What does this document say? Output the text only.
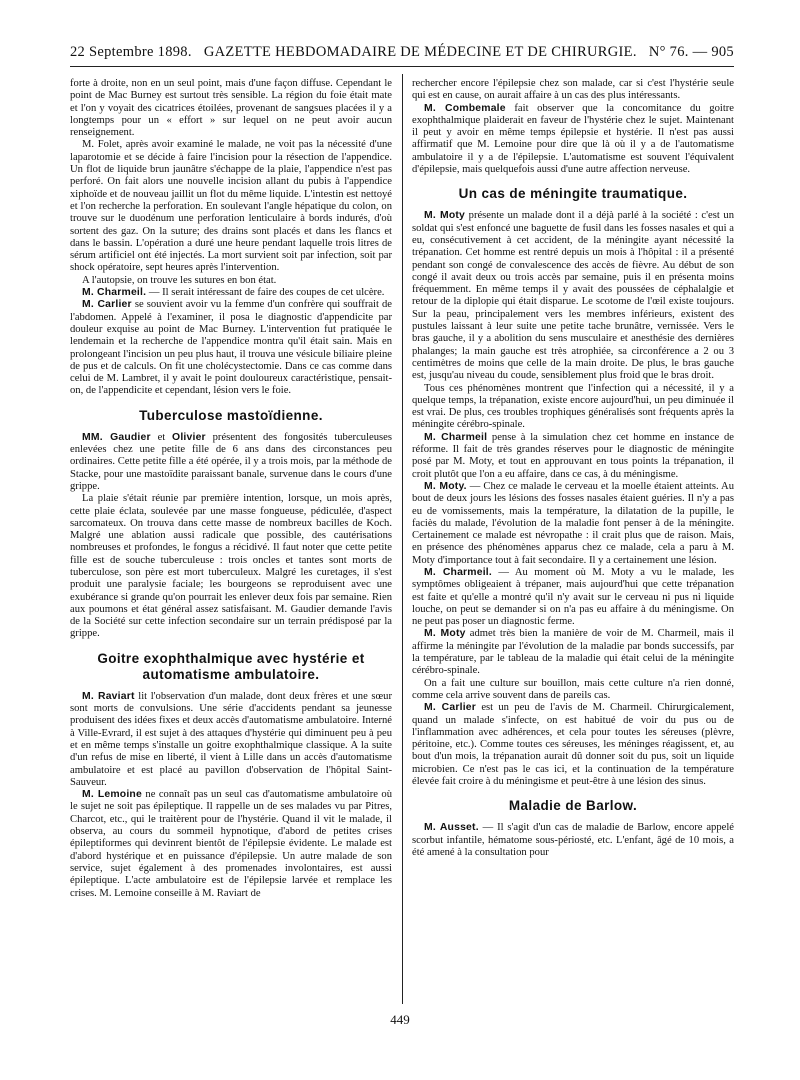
22 Septembre 1898. GAZETTE HEBDOMADAIRE DE MÉDECINE ET DE CHIRURGIE. N° 76. — 905

forte à droite, non en un seul point, mais d'une façon diffuse. Cependant le point de Mac Burney est surtout très sensible. La région du foie était mate et l'on y voyait des cicatrices étoilées, provenant de sangsues placées il y a longtemps pour un « effort » sur lequel on ne peut avoir aucun renseignement.

M. Folet, après avoir examiné le malade, ne voit pas la nécessité d'une laparotomie et se décide à faire l'incision pour la résection de l'appendice. Un flot de liquide brun jaunâtre s'échappe de la plaie, l'appendice n'est pas perforé. On fait alors une nouvelle incision allant du pubis à l'appendice xiphoïde et de nouveau jaillit un flot du même liquide. L'intestin est nettoyé et l'on recherche la perforation. En soulevant l'angle hépatique du colon, on trouve sur le duodénum une perforation lenticulaire à bords indurés, d'où sortent des gaz. On la suture; des drains sont placés et dans les flancs et dans le bassin. L'opération a duré une heure pendant laquelle trois litres de sérum artificiel ont été injectés. La mort survient soit par infection, soit par shock opératoire, sept heures après l'intervention.

A l'autopsie, on trouve les sutures en bon état.

M. Charmeil. — Il serait intéressant de faire des coupes de cet ulcère.

M. Carlier se souvient avoir vu la femme d'un confrère qui souffrait de l'abdomen. Appelé à l'examiner, il posa le diagnostic d'appendicite par douleur exquise au point de Mac Burney. L'intervention fut pratiquée le lendemain et la recherche de l'appendice montra qu'il était sain. Mais en prolongeant l'incision un peu plus haut, il trouva une vésicule biliaire pleine de pus et de calculs. On fit une cholécystectomie. Dans ce cas comme dans celui de M. Lambret, il y avait le point douloureux caractéristique, pensait-on, de l'appendicite et cependant, lésion vers le foie.

Tuberculose mastoïdienne.

MM. Gaudier et Olivier présentent des fongosités tuberculeuses enlevées chez une petite fille de 6 ans dans des circonstances peu ordinaires. Cette petite fille a été opérée, il y a trois mois, par la méthode de Stacke, pour une mastoïdite paraissant banale, survenue dans le cours d'une grippe.

La plaie s'était réunie par première intention, lorsque, un mois après, cette plaie éclata, soulevée par une masse fongueuse, pédiculée, d'aspect sarcomateux. On trouva dans cette masse de nombreux bacilles de Koch. Malgré une ablation aussi radicale que possible, des cautérisations nombreuses et profondes, le fongus a récidivé. Il faut noter que cette petite fille est de souche tuberculeuse : trois oncles et tantes sont morts de tuberculose, son père est mort tuberculeux. Malgré les curetages, il s'est produit une paralysie faciale; les bourgeons se reproduisent avec une exubérance si grande qu'on pourrait les enlever deux fois par semaine. Rien aux poumons et état général assez satisfaisant. M. Gaudier demande l'avis de la Société sur cette infection secondaire sur un terrain prédisposé par la grippe.

Goitre exophthalmique avec hystérie et automatisme ambulatoire.

M. Raviart lit l'observation d'un malade, dont deux frères et une sœur sont morts de convulsions. Une série d'accidents pendant sa jeunesse produisent des idées fixes et deux accès d'automatisme ambulatoire. Interné à Ville-Evrard, il est sujet à des attaques d'hystérie qui diminuent peu à peu et en même temps s'installe un goitre exophthalmique classique. A la suite d'un refus de mise en liberté, il vient à Lille dans un accès d'automatisme ambulatoire et est placé au pavillon d'observation de l'hôpital Saint-Sauveur.

M. Lemoine ne connaît pas un seul cas d'automatisme ambulatoire où le sujet ne soit pas épileptique. Il rappelle un de ses malades vu par Pitres, Charcot, etc., qui le traitèrent pour de l'hystérie. Quand il vit le malade, il observa, au cours du sommeil hypnotique, d'abord de petites crises épileptiformes qui devinrent bientôt de l'épilepsie évidente. Le malade est d'abord hystérique et en puissance d'épilepsie. Un autre malade de son service, sujet également à des promenades involontaires, est aussi épileptique. L'acte ambulatoire est de l'épilepsie larvée et remplace les crises. M. Lemoine conseille à M. Raviart de

rechercher encore l'épilepsie chez son malade, car si c'est l'hystérie seule qui est en cause, on aurait affaire à un cas des plus intéressants.

M. Combemale fait observer que la concomitance du goitre exophthalmique plaiderait en faveur de l'hystérie chez le sujet. Maintenant il peut y avoir en même temps épilepsie et hystérie. Il n'est pas aussi affirmatif que M. Lemoine pour dire que là où il y a de l'automatisme ambulatoire il y a de l'épilepsie. L'automatisme est souvent l'équivalent d'épilepsie, mais quelquefois aussi d'une autre affection nerveuse.

Un cas de méningite traumatique.

M. Moty présente un malade dont il a déjà parlé à la société : c'est un soldat qui s'est enfoncé une baguette de fusil dans les fosses nasales et qui a eu, consécutivement à cet accident, de la méningite ayant nécessité la trépanation. Cet homme est rentré depuis un mois à l'hôpital : il a présenté pendant son congé de convalescence des accès de fièvre. Au début de son congé il avait deux ou trois accès par semaine, puis il en présenta moins fréquemment. En même temps il y avait des poussées de céphalalgie et retour de la diplopie qui était disparue. Le scotome de l'œil existe toujours. Sur la peau, principalement vers les membres inférieurs, existent des pustules laissant à leur suite une petite tache brunâtre, vernissée. Vers le bras gauche, il y a abolition du sens musculaire et anesthésie des dernières phalanges; la main gauche est très atrophiée, sa circonférence a 2 ou 3 centimètres de moins que celle de la main droite. De plus, le bras gauche est, jusqu'au niveau du coude, sensiblement plus froid que le bras droit.

Tous ces phénomènes montrent que l'infection qui a nécessité, il y a quelque temps, la trépanation, existe encore aujourd'hui, un peu diminuée il est vrai. De plus, ces troubles trophiques généralisés sont fréquents après la méningite cérébro-spinale.

M. Charmeil pense à la simulation chez cet homme en instance de réforme. Il fait de très grandes réserves pour le diagnostic de méningite posé par M. Moty, et tout en approuvant en tous points la trépanation, il croit plutôt que l'on a eu affaire, dans ce cas, à du méningisme.

M. Moty. — Chez ce malade le cerveau et la moelle étaient atteints. Au bout de deux jours les lésions des fosses nasales étaient guéries. Il n'y a pas eu de vomissements, mais la température, la dilatation de la pupille, le faciès du malade, l'évolution de la maladie font penser à de la méningite. Certainement ce malade est névropathe : il crait plus que de raison. Mais, en présence des phénomènes apparus chez ce malade, cela a paru à M. Moty d'importance tout à fait secondaire. Il y a certainement une lésion.

M. Charmeil. — Au moment où M. Moty a vu le malade, les symptômes obligeaient à trépaner, mais aujourd'hui que cette trépanation est faite et qu'elle a montré qu'il n'y avait sur le cerveau ni pus ni liquide louche, on peut se demander si on n'a pas eu affaire à du méningisme. On ne peut pas poser un diagnostic ferme.

M. Moty admet très bien la manière de voir de M. Charmeil, mais il affirme la méningite par l'évolution de la maladie par bonds successifs, par la température, par le tableau de la maladie qui était celui de la méningite cérébro-spinale.

On a fait une culture sur bouillon, mais cette culture n'a rien donné, comme cela arrive souvent dans de pareils cas.

M. Carlier est un peu de l'avis de M. Charmeil. Chirurgicalement, quand un malade s'infecte, on est habitué de voir du pus ou de l'inflammation avec adhérences, et cela pour toutes les séreuses (plèvre, péritoine, etc.). Comme toutes ces séreuses, les méninges réagissent, et, au bout d'un mois, la trépanation aurait dû donner soit du pus, soit un liquide microbien. Ce n'est pas le cas ici, et la continuation de la température élevée fait croire à du méningisme et peut-être à une lésion des sinus.

Maladie de Barlow.

M. Ausset. — Il s'agit d'un cas de maladie de Barlow, encore appelé scorbut infantile, hématome sous-périosté, etc. L'enfant, âgé de 10 mois, a été amené à la consultation pour

449
